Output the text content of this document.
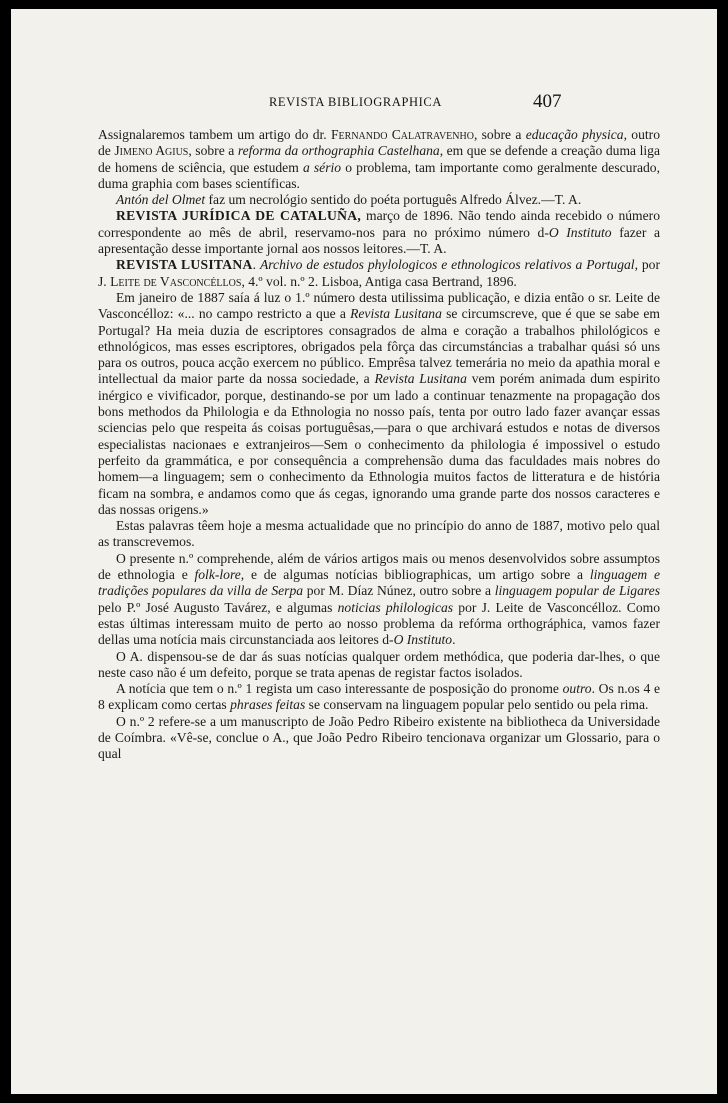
REVISTA BIBLIOGRAPHICA	407

Assignalaremos tambem um artigo do dr. Fernando Calatravenho, sobre a educação physica, outro de Jimeno Agius, sobre a reforma da orthographia Castelhana, em que se defende a creação duma liga de homens de sciência, que estudem a sério o problema, tam importante como geralmente descurado, duma graphia com bases scientíficas.

Antón del Olmet faz um necrológio sentido do poéta português Alfredo Álvez.—T. A.

REVISTA JURÍDICA DE CATALUÑA, março de 1896. Não tendo ainda recebido o número correspondente ao mês de abril, reservamo-nos para no próximo número d-O Instituto fazer a apresentação desse importante jornal aos nossos leitores.—T. A.

REVISTA LUSITANA. Archivo de estudos phylologicos e ethnologicos relativos a Portugal, por J. Leite de Vasconcéllos, 4.º vol. n.º 2. Lisboa, Antiga casa Bertrand, 1896.

Em janeiro de 1887 saía á luz o 1.º número desta utilissima publicação, e dizia então o sr. Leite de Vasconcélloz: «... no campo restricto a que a Revista Lusitana se circumscreve, que é que se sabe em Portugal? Ha meia duzia de escriptores consagrados de alma e coração a trabalhos philológicos e ethnológicos, mas esses escriptores, obrigados pela fôrça das circumstáncias a trabalhar quási só uns para os outros, pouca acção exercem no público. Emprêsa talvez temerária no meio da apathia moral e intellectual da maior parte da nossa sociedade, a Revista Lusitana vem porém animada dum espirito inérgico e vivificador, porque, destinando-se por um lado a continuar tenazmente na propagação dos bons methodos da Philologia e da Ethnologia no nosso país, tenta por outro lado fazer avançar essas sciencias pelo que respeita ás coisas portuguêsas,—para o que archivará estudos e notas de diversos especialistas nacionaes e extranjeiros—Sem o conhecimento da philologia é impossivel o estudo perfeito da grammática, e por consequência a comprehensão duma das faculdades mais nobres do homem—a linguagem; sem o conhecimento da Ethnologia muitos factos de litteratura e de história ficam na sombra, e andamos como que ás cegas, ignorando uma grande parte dos nossos caracteres e das nossas origens.»

Estas palavras têem hoje a mesma actualidade que no princípio do anno de 1887, motivo pelo qual as transcrevemos.

O presente n.º comprehende, além de vários artigos mais ou menos desenvolvidos sobre assumptos de ethnologia e folk-lore, e de algumas notícias bibliographicas, um artigo sobre a linguagem e tradições populares da villa de Serpa por M. Díaz Núnez, outro sobre a linguagem popular de Ligares pelo P.º José Augusto Tavárez, e algumas noticias philologicas por J. Leite de Vasconcélloz. Como estas últimas interessam muito de perto ao nosso problema da refórma orthográphica, vamos fazer dellas uma notícia mais circunstanciada aos leitores d-O Instituto.

O A. dispensou-se de dar ás suas notícias qualquer ordem methódica, que poderia dar-lhes, o que neste caso não é um defeito, porque se trata apenas de registar factos isolados.

A notícia que tem o n.º 1 regista um caso interessante de posposição do pronome outro. Os n.os 4 e 8 explicam como certas phrases feitas se conservam na linguagem popular pelo sentido ou pela rima.

O n.º 2 refere-se a um manuscripto de João Pedro Ribeiro existente na bibliotheca da Universidade de Coímbra. «Vê-se, conclue o A., que João Pedro Ribeiro tencionava organizar um Glossario, para o qual
